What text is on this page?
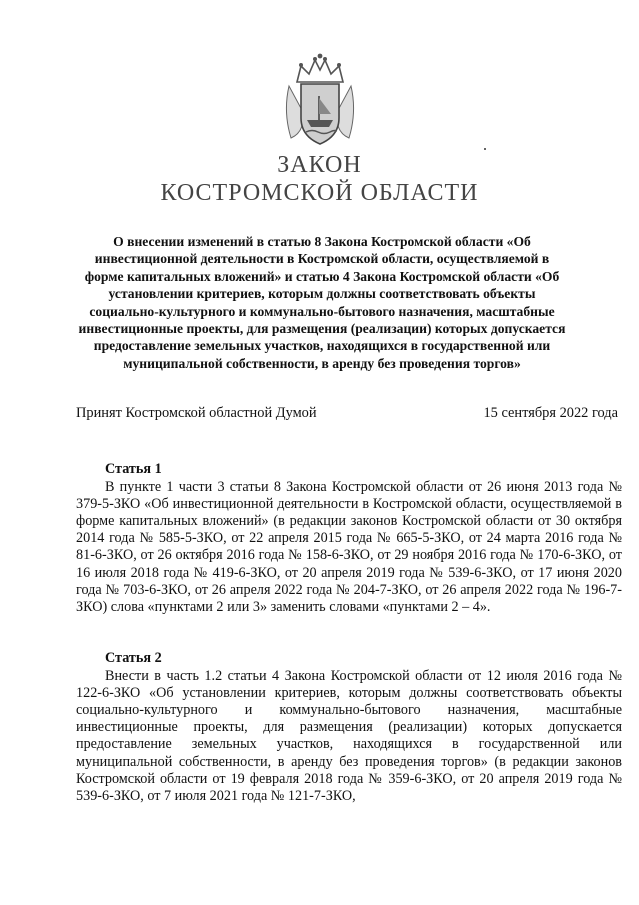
ЗАКОН
КОСТРОМСКОЙ ОБЛАСТИ
О внесении изменений в статью 8 Закона Костромской области «Об инвестиционной деятельности в Костромской области, осуществляемой в форме капитальных вложений» и статью 4 Закона Костромской области «Об установлении критериев, которым должны соответствовать объекты социально-культурного и коммунально-бытового назначения, масштабные инвестиционные проекты, для размещения (реализации) которых допускается предоставление земельных участков, находящихся в государственной или муниципальной собственности, в аренду без проведения торгов»
Принят Костромской областной Думой	15 сентября 2022 года
Статья 1

В пункте 1 части 3 статьи 8 Закона Костромской области от 26 июня 2013 года № 379-5-ЗКО «Об инвестиционной деятельности в Костромской области, осуществляемой в форме капитальных вложений» (в редакции законов Костромской области от 30 октября 2014 года № 585-5-ЗКО, от 22 апреля 2015 года № 665-5-ЗКО, от 24 марта 2016 года № 81-6-ЗКО, от 26 октября 2016 года № 158-6-ЗКО, от 29 ноября 2016 года № 170-6-ЗКО, от 16 июля 2018 года № 419-6-ЗКО, от 20 апреля 2019 года № 539-6-ЗКО, от 17 июня 2020 года № 703-6-ЗКО, от 26 апреля 2022 года № 204-7-ЗКО, от 26 апреля 2022 года № 196-7-ЗКО) слова «пунктами 2 или 3» заменить словами «пунктами 2 – 4».

Статья 2

Внести в часть 1.2 статьи 4 Закона Костромской области от 12 июля 2016 года № 122-6-ЗКО «Об установлении критериев, которым должны соответствовать объекты социально-культурного и коммунально-бытового назначения, масштабные инвестиционные проекты, для размещения (реализации) которых допускается предоставление земельных участков, находящихся в государственной или муниципальной собственности, в аренду без проведения торгов» (в редакции законов Костромской области от 19 февраля 2018 года № 359-6-ЗКО, от 20 апреля 2019 года № 539-6-ЗКО, от 7 июля 2021 года № 121-7-ЗКО,
